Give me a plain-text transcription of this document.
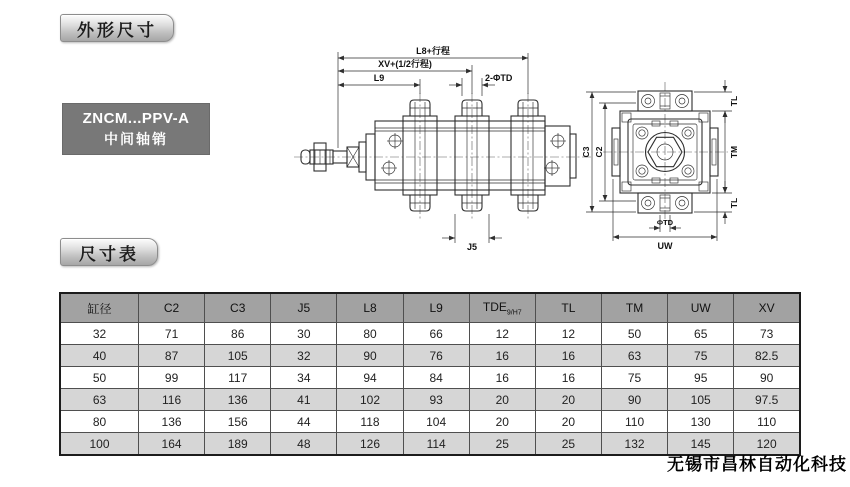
外形尺寸
ZNCM...PPV-A
中间轴销
L8+行程
XV+(1/2行程)
L9	2-ΦTD
J5
C3 C2
TL
TM
TL
ΦTD
UW
尺寸表
缸径	C2	C3	J5	L8	L9	$TDE_{9/H7}$	TL	TM	UW	XV
32	71	86	30	80	66	12	12	50	65	73
40	87	105	32	90	76	16	16	63	75	82.5
50	99	117	34	94	84	16	16	75	95	90
63	116	136	41	102	93	20	20	90	105	97.5
80	136	156	44	118	104	20	20	110	130	110
100	164	189	48	126	114	25	25	132	145	120
无锡市昌林自动化科技
